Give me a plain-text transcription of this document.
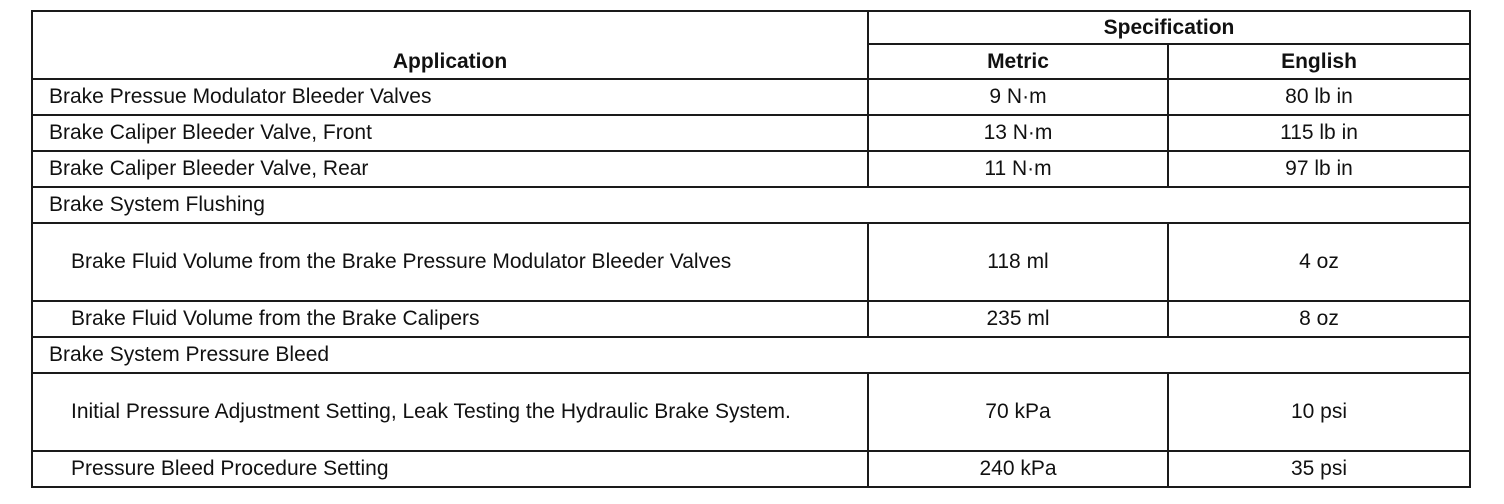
Application	Specification	
	Metric	English
Brake Pressue Modulator Bleeder Valves	9 N·m	80 lb in
Brake Caliper Bleeder Valve, Front	13 N·m	115 lb in
Brake Caliper Bleeder Valve, Rear	11 N·m	97 lb in
Brake System Flushing		
Brake Fluid Volume from the Brake Pressure Modulator Bleeder Valves	118 ml	4 oz
Brake Fluid Volume from the Brake Calipers	235 ml	8 oz
Brake System Pressure Bleed		
Initial Pressure Adjustment Setting, Leak Testing the Hydraulic Brake System.	70 kPa	10 psi
Pressure Bleed Procedure Setting	240 kPa	35 psi
